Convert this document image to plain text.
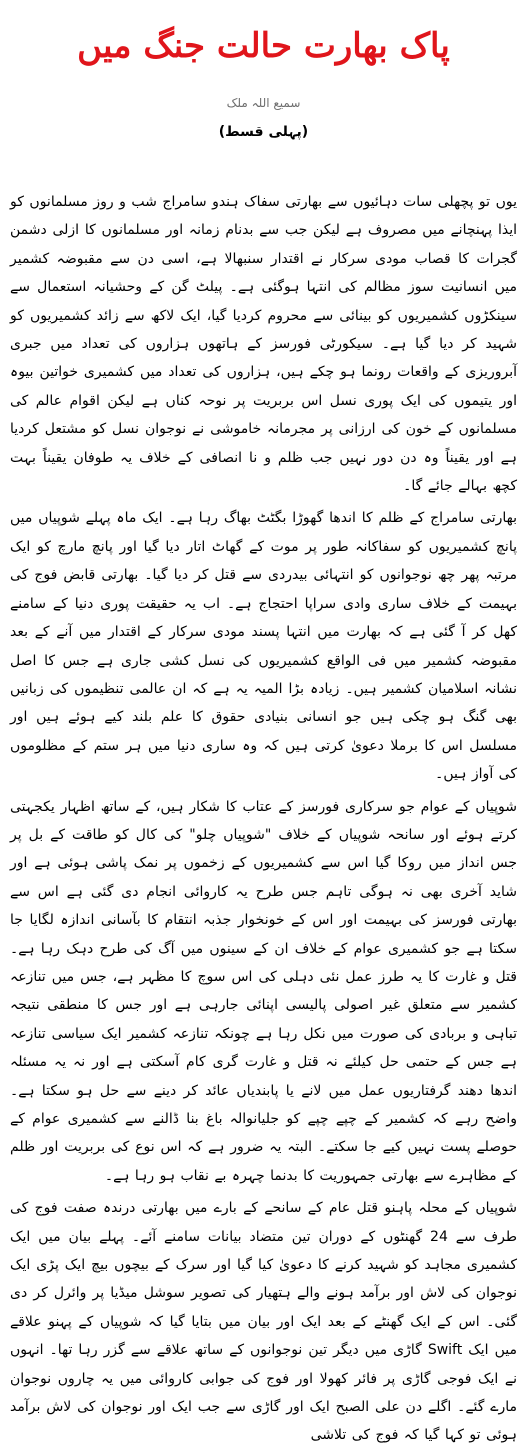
پاک بھارت حالت جنگ میں
سمیع اللہ ملک
(پہلی قسط)

یوں تو پچھلی سات دہائیوں سے بھارتی سفاک ہندو سامراج شب و روز مسلمانوں کو ایذا پہنچانے میں مصروف ہے لیکن جب سے بدنام زمانہ اور مسلمانوں کا ازلی دشمن گجرات کا قصاب مودی سرکار نے اقتدار سنبھالا ہے، اسی دن سے مقبوضہ کشمیر میں انسانیت سوز مظالم کی انتہا ہوگئی ہے۔ پیلٹ گن کے وحشیانہ استعمال سے سینکڑوں کشمیریوں کو بینائی سے محروم کردیا گیا، ایک لاکھ سے زائد کشمیریوں کو شہید کر دیا گیا ہے۔ سیکورٹی فورسز کے ہاتھوں ہزاروں کی تعداد میں جبری آبروریزی کے واقعات رونما ہو چکے ہیں، ہزاروں کی تعداد میں کشمیری خواتین بیوہ اور یتیموں کی ایک پوری نسل اس بربریت پر نوحہ کناں ہے لیکن اقوام عالم کی مسلمانوں کے خون کی ارزانی پر مجرمانہ خاموشی نے نوجوان نسل کو مشتعل کردیا ہے اور یقیناً وہ دن دور نہیں جب ظلم و نا انصافی کے خلاف یہ طوفان یقیناً بہت کچھ بہالے جائے گا۔

بھارتی سامراج کے ظلم کا اندھا گھوڑا بگٹٹ بھاگ رہا ہے۔ ایک ماہ پہلے شوپیاں میں پانچ کشمیریوں کو سفاکانہ طور پر موت کے گھاٹ اتار دیا گیا اور پانچ مارچ کو ایک مرتبہ پھر چھ نوجوانوں کو انتہائی بیدردی سے قتل کر دیا گیا۔ بھارتی قابض فوج کی بہیمت کے خلاف ساری وادی سراپا احتجاج ہے۔ اب یہ حقیقت پوری دنیا کے سامنے کھل کر آ گئی ہے کہ بھارت میں انتہا پسند مودی سرکار کے اقتدار میں آنے کے بعد مقبوضہ کشمیر میں فی الواقع کشمیریوں کی نسل کشی جاری ہے جس کا اصل نشانہ اسلامیان کشمیر ہیں۔ زیادہ بڑا المیہ یہ ہے کہ ان عالمی تنظیموں کی زبانیں بھی گنگ ہو چکی ہیں جو انسانی بنیادی حقوق کا علم بلند کیے ہوئے ہیں اور مسلسل اس کا برملا دعویٰ کرتی ہیں کہ وہ ساری دنیا میں ہر ستم کے مظلوموں کی آواز ہیں۔

شوپیاں کے عوام جو سرکاری فورسز کے عتاب کا شکار ہیں، کے ساتھ اظہار یکجہتی کرتے ہوئے اور سانحہ شوپیاں کے خلاف "شوپیاں چلو" کی کال کو طاقت کے بل پر جس انداز میں روکا گیا اس سے کشمیریوں کے زخموں پر نمک پاشی ہوئی ہے اور شاید آخری بھی نہ ہوگی تاہم جس طرح یہ کاروائی انجام دی گئی ہے اس سے بھارتی فورسز کی بہیمت اور اس کے خونخوار جذبہ انتقام کا بآسانی اندازہ لگایا جا سکتا ہے جو کشمیری عوام کے خلاف ان کے سینوں میں آگ کی طرح دہک رہا ہے۔ قتل و غارت کا یہ طرز عمل نئی دہلی کی اس سوچ کا مظہر ہے، جس میں تنازعہ کشمیر سے متعلق غیر اصولی پالیسی اپنائی جارہی ہے اور جس کا منطقی نتیجہ تباہی و بربادی کی صورت میں نکل رہا ہے چونکہ تنازعہ کشمیر ایک سیاسی تنازعہ ہے جس کے حتمی حل کیلئے نہ قتل و غارت گری کام آسکتی ہے اور نہ یہ مسئلہ اندھا دھند گرفتاریوں عمل میں لانے یا پابندیاں عائد کر دینے سے حل ہو سکتا ہے۔ واضح رہے کہ کشمیر کے چپے چپے کو جلیانوالہ باغ بنا ڈالنے سے کشمیری عوام کے حوصلے پست نہیں کیے جا سکتے۔ البتہ یہ ضرور ہے کہ اس نوع کی بربریت اور ظلم کے مظاہرے سے بھارتی جمہوریت کا بدنما چہرہ بے نقاب ہو رہا ہے۔

شوپیاں کے محلہ پاہنو قتل عام کے سانحے کے بارے میں بھارتی درندہ صفت فوج کی طرف سے 24 گھنٹوں کے دوران تین متضاد بیانات سامنے آئے۔ پہلے بیان میں ایک کشمیری مجاہد کو شہید کرنے کا دعویٰ کیا گیا اور سرک کے بیچوں بیچ ایک پڑی ایک نوجوان کی لاش اور برآمد ہونے والے ہتھیار کی تصویر سوشل میڈیا پر وائرل کر دی گئی۔ اس کے ایک گھنٹے کے بعد ایک اور بیان میں بتایا گیا کہ شوپیاں کے پہنو علاقے میں ایک Swift گاڑی میں دیگر تین نوجوانوں کے ساتھ علاقے سے گزر رہا تھا۔ انہوں نے ایک فوجی گاڑی پر فائر کھولا اور فوج کی جوابی کاروائی میں یہ چاروں نوجوان مارے گئے۔ اگلے دن علی الصبح ایک اور گاڑی سے جب ایک اور نوجوان کی لاش برآمد ہوئی تو کہا گیا کہ فوج کی تلاشی
